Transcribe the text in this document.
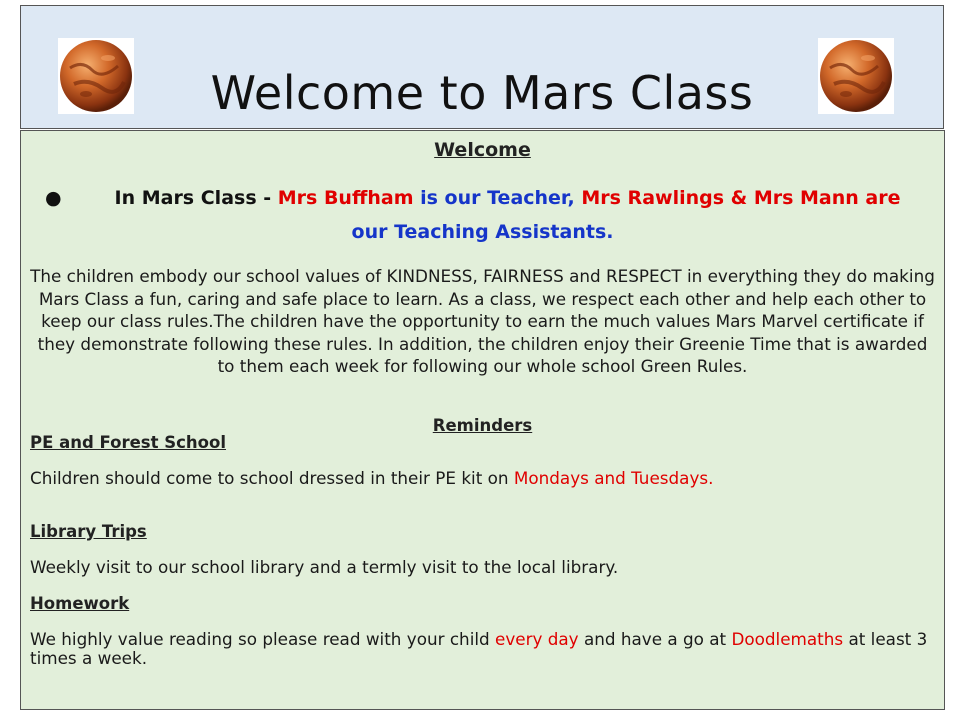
Welcome to Mars Class
Welcome
●	In Mars Class - Mrs Buffham is our Teacher, Mrs Rawlings & Mrs Mann are
our Teaching Assistants.
The children embody our school values of KINDNESS, FAIRNESS and RESPECT in everything they do making Mars Class a fun, caring and safe place to learn. As a class, we respect each other and help each other to keep our class rules.The children have the opportunity to earn the much values Mars Marvel certificate if they demonstrate following these rules. In addition, the children enjoy their Greenie Time that is awarded to them each week for following our whole school Green Rules.
Reminders
PE and Forest School
Children should come to school dressed in their PE kit on Mondays and Tuesdays.
Library Trips
Weekly visit to our school library and a termly visit to the local library.
Homework
We highly value reading so please read with your child every day and have a go at Doodlemaths at least 3 times a week.
